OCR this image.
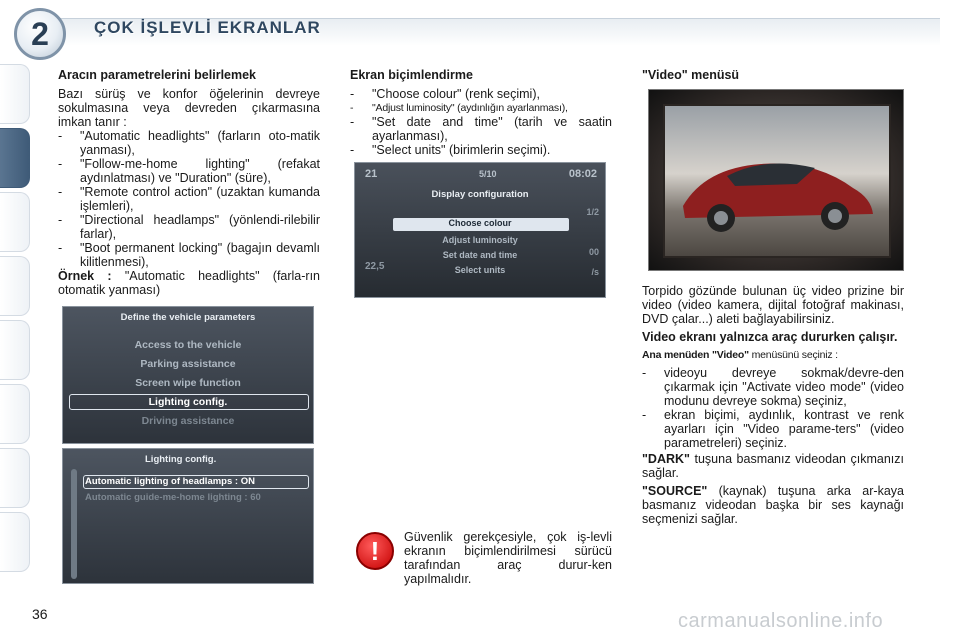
2	ÇOK İŞLEVLİ EKRANLAR
Aracın parametrelerini belirlemek

Bazı sürüş ve konfor öğelerinin devreye sokulmasına veya devreden çıkarmasına imkan tanır :

- "Automatic headlights" (farların oto-matik yanması),
- "Follow-me-home lighting" (refakat aydınlatması) ve "Duration" (süre),
- "Remote control action" (uzaktan kumanda işlemleri),
- "Directional headlamps" (yönlendi-rilebilir farlar),
- "Boot permanent locking" (bagajın devamlı kilitlenmesi),

Örnek : "Automatic headlights" (farla-rın otomatik yanması)

Define the vehicle parameters
Access to the vehicle
Parking assistance
Screen wipe function
Lighting config.
Driving assistance
Lighting config.
Automatic lighting of headlamps : ON
Automatic guide-me-home lighting : 60
Ekran biçimlendirme
- "Choose colour" (renk seçimi),
- "Adjust luminosity" (aydınlığın ayarlanması),
- "Set date and time" (tarih ve saatin ayarlanması),
- "Select units" (birimlerin seçimi).
21	5/10	08:02
22,5
1/2
00
/s
Display configuration
Choose colour
Adjust luminosity
Set date and time
Select units
! Güvenlik gerekçesiyle, çok iş-levli ekranın biçimlendirilmesi sürücü tarafından araç durur-ken yapılmalıdır.

"Video" menüsü

Torpido gözünde bulunan üç video prizine bir video (video kamera, dijital fotoğraf makinası, DVD çalar...) aleti bağlayabilirsiniz.

Video ekranı yalnızca araç dururken çalışır.

Ana menüden "Video" menüsünü seçiniz :

- videoyu devreye sokmak/devre-den çıkarmak için "Activate video mode" (video modunu devreye sokma) seçiniz,
- ekran biçimi, aydınlık, kontrast ve renk ayarları için "Video parame-ters" (video parametreleri) seçiniz.

"DARK" tuşuna basmanız videodan çıkmanızı sağlar.

"SOURCE" (kaynak) tuşuna arka ar-kaya basmanız videodan başka bir ses kaynağı seçmenizi sağlar.

36	carmanualsonline.info
